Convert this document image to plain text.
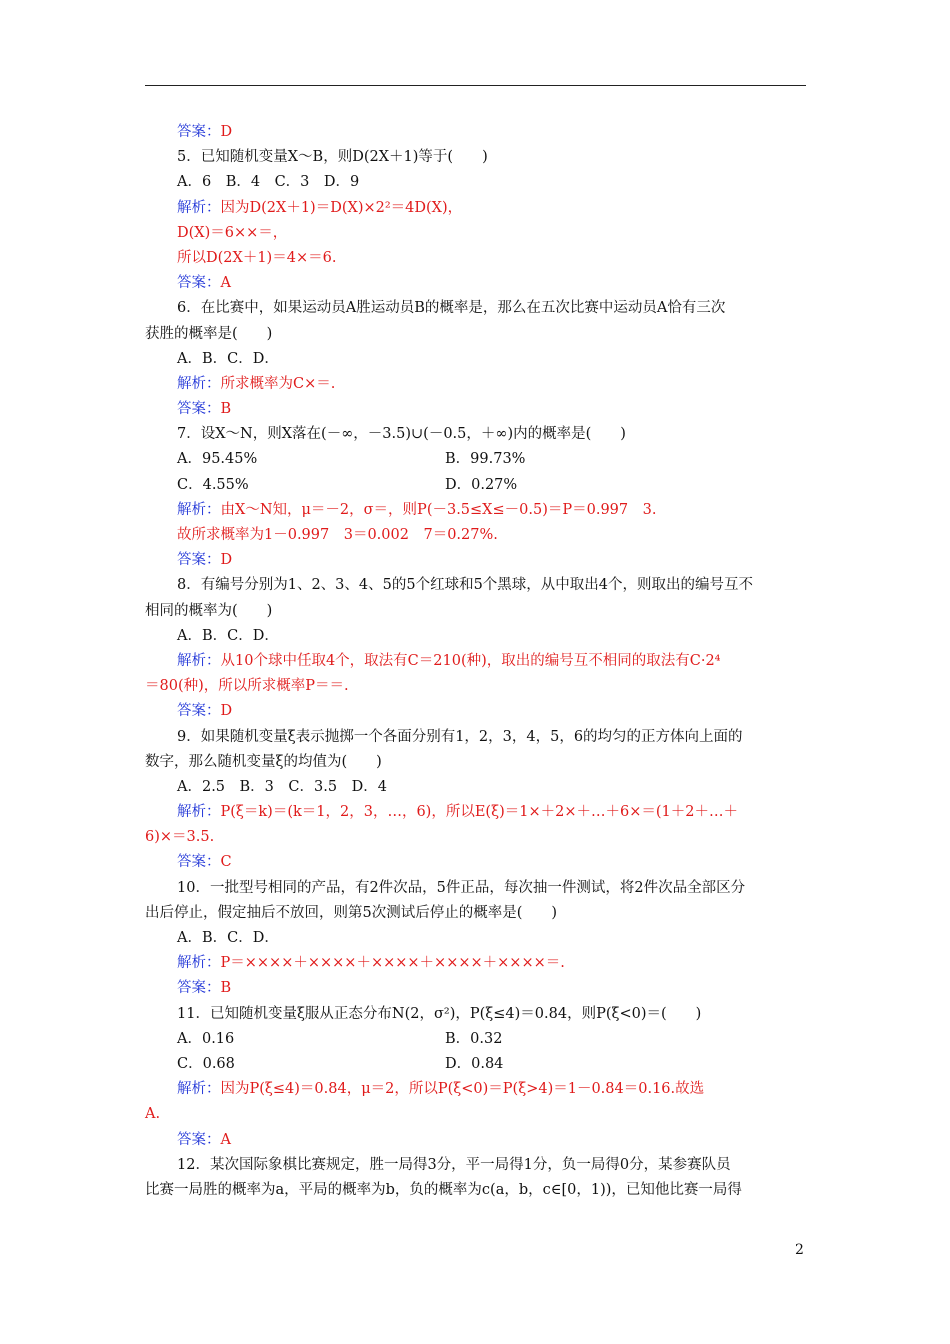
答案：D
5．已知随机变量X～B，则D(2X＋1)等于(　　)
A．6　B．4　C．3　D．9
解析：因为D(2X＋1)＝D(X)×2²＝4D(X)，
D(X)＝6××＝，
所以D(2X＋1)＝4×＝6.
答案：A
6．在比赛中，如果运动员A胜运动员B的概率是，那么在五次比赛中运动员A恰有三次
获胜的概率是(　　)
A．B．C．D．
解析：所求概率为C×＝.
答案：B
7．设X～N，则X落在(－∞，－3.5)∪(－0.5，＋∞)内的概率是(　　)
A．95.45%	B．99.73%
C．4.55%	D．0.27%
解析：由X～N知，μ＝－2，σ＝，则P(－3.5≤X≤－0.5)＝P＝0.997　3.
故所求概率为1－0.997　3＝0.002　7＝0.27%.
答案：D
8．有编号分别为1、2、3、4、5的5个红球和5个黑球，从中取出4个，则取出的编号互不
相同的概率为(　　)
A．B．C．D．
解析：从10个球中任取4个，取法有C＝210(种)，取出的编号互不相同的取法有C·2⁴
＝80(种)，所以所求概率P＝＝.
答案：D
9．如果随机变量ξ表示抛掷一个各面分别有1，2，3，4，5，6的均匀的正方体向上面的
数字，那么随机变量ξ的均值为(　　)
A．2.5　B．3　C．3.5　D．4
解析：P(ξ＝k)＝(k＝1，2，3，…，6)，所以E(ξ)＝1×＋2×＋…＋6×＝(1＋2＋…＋
6)×＝3.5.
答案：C
10．一批型号相同的产品，有2件次品，5件正品，每次抽一件测试，将2件次品全部区分
出后停止，假定抽后不放回，则第5次测试后停止的概率是(　　)
A．B．C．D．
解析：P＝××××＋××××＋××××＋××××＋××××＝.
答案：B
11．已知随机变量ξ服从正态分布N(2，σ²)，P(ξ≤4)＝0.84，则P(ξ<0)＝(　　)
A．0.16	B．0.32
C．0.68	D．0.84
解析：因为P(ξ≤4)＝0.84，μ＝2，所以P(ξ<0)＝P(ξ>4)＝1－0.84＝0.16.故选
A.
答案：A
12．某次国际象棋比赛规定，胜一局得3分，平一局得1分，负一局得0分，某参赛队员
比赛一局胜的概率为a，平局的概率为b，负的概率为c(a，b，c∈[0，1))，已知他比赛一局得
2
